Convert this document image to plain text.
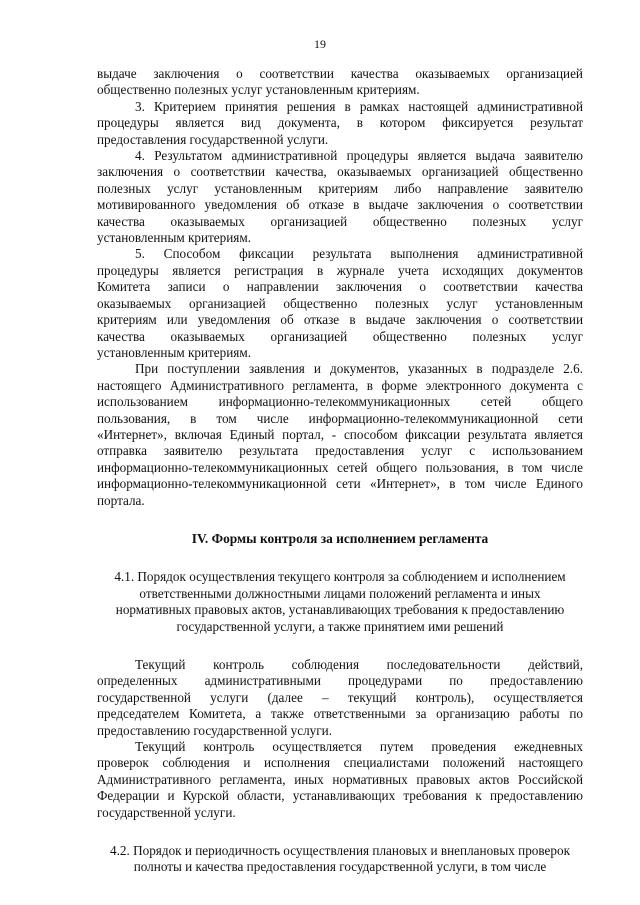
19
выдаче заключения о соответствии качества оказываемых организацией
общественно полезных услуг установленным критериям.
3. Критерием принятия решения в рамках настоящей административной
процедуры является вид документа, в котором фиксируется результат
предоставления государственной услуги.
4. Результатом административной процедуры является выдача заявителю
заключения о соответствии качества, оказываемых организацией общественно
полезных услуг установленным критериям либо направление заявителю
мотивированного уведомления об отказе в выдаче заключения о соответствии
качества оказываемых организацией общественно полезных услуг
установленным критериям.
5. Способом фиксации результата выполнения административной
процедуры является регистрация в журнале учета исходящих документов
Комитета записи о направлении заключения о соответствии качества
оказываемых организацией общественно полезных услуг установленным
критериям или уведомления об отказе в выдаче заключения о соответствии
качества оказываемых организацией общественно полезных услуг
установленным критериям.
При поступлении заявления и документов, указанных в подразделе 2.6.
настоящего Административного регламента, в форме электронного документа с
использованием информационно-телекоммуникационных сетей общего
пользования, в том числе информационно-телекоммуникационной сети
«Интернет», включая Единый портал, - способом фиксации результата является
отправка заявителю результата предоставления услуг с использованием
информационно-телекоммуникационных сетей общего пользования, в том числе
информационно-телекоммуникационной сети «Интернет», в том числе Единого
портала.
IV. Формы контроля за исполнением регламента
4.1. Порядок осуществления текущего контроля за соблюдением и исполнением
ответственными должностными лицами положений регламента и иных
нормативных правовых актов, устанавливающих требования к предоставлению
государственной услуги, а также принятием ими решений
Текущий контроль соблюдения последовательности действий,
определенных административными процедурами по предоставлению
государственной услуги (далее – текущий контроль), осуществляется
председателем Комитета, а также ответственными за организацию работы по
предоставлению государственной услуги.
Текущий контроль осуществляется путем проведения ежедневных
проверок соблюдения и исполнения специалистами положений настоящего
Административного регламента, иных нормативных правовых актов Российской
Федерации и Курской области, устанавливающих требования к предоставлению
государственной услуги.
4.2. Порядок и периодичность осуществления плановых и внеплановых проверок
полноты и качества предоставления государственной услуги, в том числе
